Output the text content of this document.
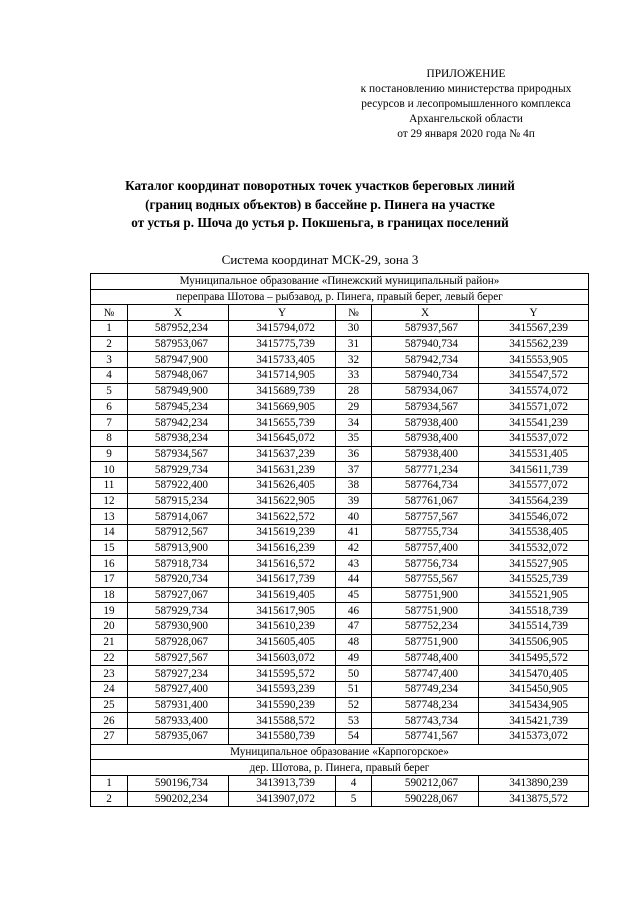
ПРИЛОЖЕНИЕ
к постановлению министерства природных
ресурсов и лесопромышленного комплекса
Архангельской области
от 29 января 2020 года № 4п
Каталог координат поворотных точек участков береговых линий
(границ водных объектов) в бассейне р. Пинега на участке
от устья р. Шоча до устья р. Покшеньга, в границах поселений
Система координат МСК-29, зона 3
Муниципальное образование «Пинежский муниципальный район»					
переправа Шотова – рыбзавод, р. Пинега, правый берег, левый берег					
№	X	Y	№	X	Y
1	587952,234	3415794,072	30	587937,567	3415567,239
2	587953,067	3415775,739	31	587940,734	3415562,239
3	587947,900	3415733,405	32	587942,734	3415553,905
4	587948,067	3415714,905	33	587940,734	3415547,572
5	587949,900	3415689,739	28	587934,067	3415574,072
6	587945,234	3415669,905	29	587934,567	3415571,072
7	587942,234	3415655,739	34	587938,400	3415541,239
8	587938,234	3415645,072	35	587938,400	3415537,072
9	587934,567	3415637,239	36	587938,400	3415531,405
10	587929,734	3415631,239	37	587771,234	3415611,739
11	587922,400	3415626,405	38	587764,734	3415577,072
12	587915,234	3415622,905	39	587761,067	3415564,239
13	587914,067	3415622,572	40	587757,567	3415546,072
14	587912,567	3415619,239	41	587755,734	3415538,405
15	587913,900	3415616,239	42	587757,400	3415532,072
16	587918,734	3415616,572	43	587756,734	3415527,905
17	587920,734	3415617,739	44	587755,567	3415525,739
18	587927,067	3415619,405	45	587751,900	3415521,905
19	587929,734	3415617,905	46	587751,900	3415518,739
20	587930,900	3415610,239	47	587752,234	3415514,739
21	587928,067	3415605,405	48	587751,900	3415506,905
22	587927,567	3415603,072	49	587748,400	3415495,572
23	587927,234	3415595,572	50	587747,400	3415470,405
24	587927,400	3415593,239	51	587749,234	3415450,905
25	587931,400	3415590,239	52	587748,234	3415434,905
26	587933,400	3415588,572	53	587743,734	3415421,739
27	587935,067	3415580,739	54	587741,567	3415373,072
Муниципальное образование «Карпогорское»					
дер. Шотова, р. Пинега, правый берег					
1	590196,734	3413913,739	4	590212,067	3413890,239
2	590202,234	3413907,072	5	590228,067	3413875,572
